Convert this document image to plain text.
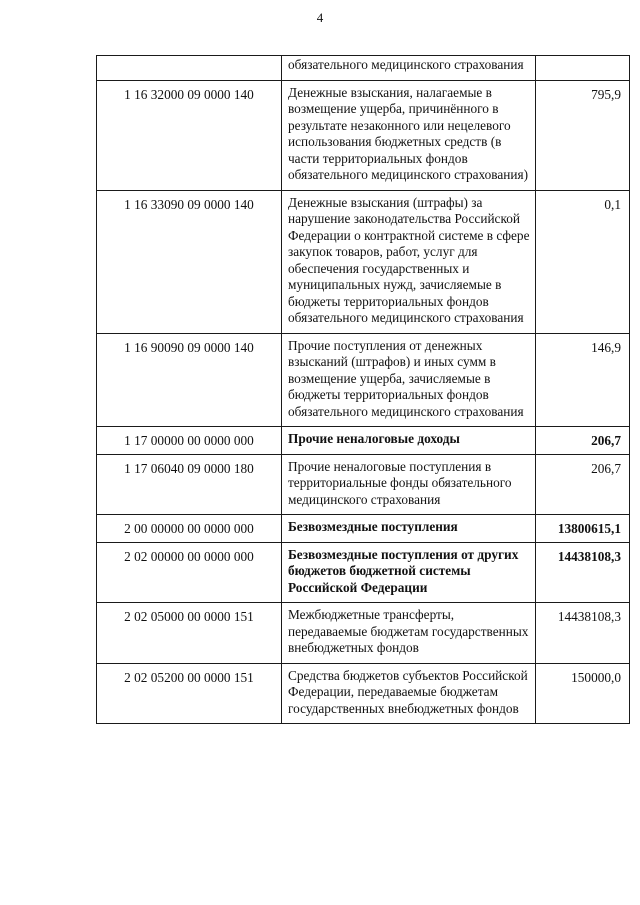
4
	обязательного медицинского страхования	
1 16 32000 09 0000 140	Денежные взыскания, налагаемые в возмещение ущерба, причинённого в результате незаконного или нецелевого использования бюджетных средств (в части территориальных фондов обязательного медицинского страхования)	795,9
1 16 33090 09 0000 140	Денежные взыскания (штрафы) за нарушение законодательства Российской Федерации о контрактной системе в сфере закупок товаров, работ, услуг для обеспечения государственных и муниципальных нужд, зачисляемые в бюджеты территориальных фондов обязательного медицинского страхования	0,1
1 16 90090 09 0000 140	Прочие поступления от денежных взысканий (штрафов) и иных сумм в возмещение ущерба, зачисляемые в бюджеты территориальных фондов обязательного медицинского страхования	146,9
1 17 00000 00 0000 000	Прочие неналоговые доходы	206,7
1 17 06040 09 0000 180	Прочие неналоговые поступления в территориальные фонды обязательного медицинского страхования	206,7
2 00 00000 00 0000 000	Безвозмездные поступления	13800615,1
2 02 00000 00 0000 000	Безвозмездные поступления от других бюджетов бюджетной системы Российской Федерации	14438108,3
2 02 05000 00 0000 151	Межбюджетные трансферты, передаваемые бюджетам государственных внебюджетных фондов	14438108,3
2 02 05200 00 0000 151	Средства бюджетов субъектов Российской Федерации, передаваемые бюджетам государственных внебюджетных фондов	150000,0
